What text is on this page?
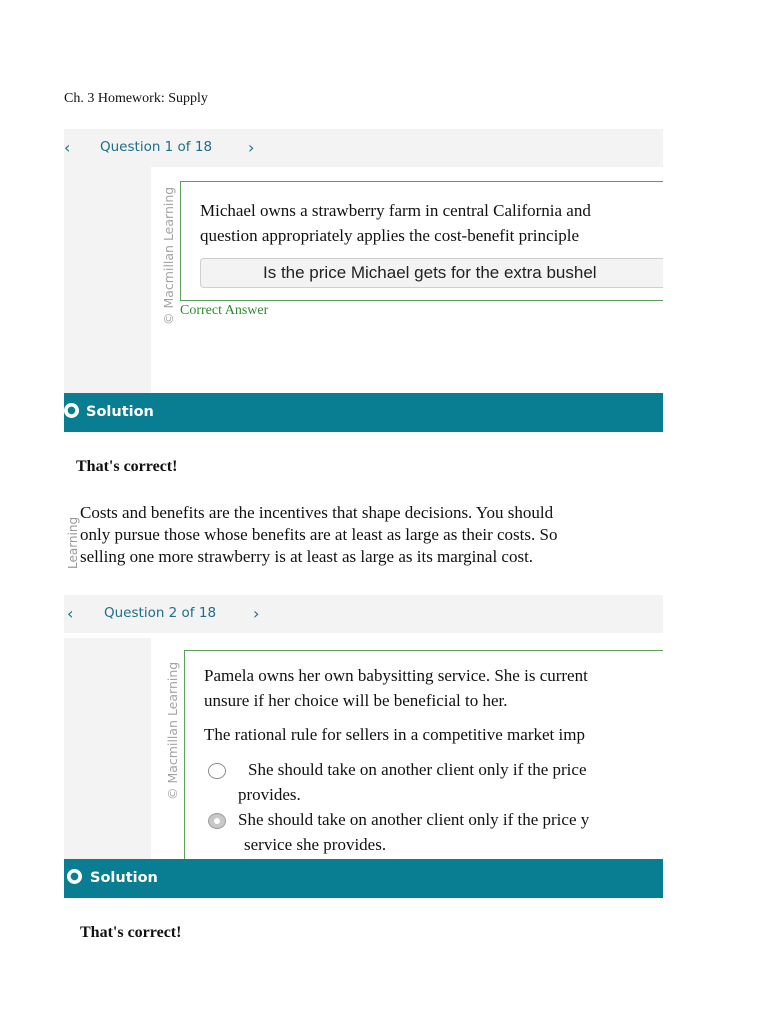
Ch. 3 Homework: Supply
‹ Question 1 of 18 ›
© Macmillan Learning Michael owns a strawberry farm in central California and
question appropriately applies the cost-benefit principle
Is the price Michael gets for the extra bushel
Correct Answer
● Solution
That's correct!
Learning
Costs and benefits are the incentives that shape decisions. You should
only pursue those whose benefits are at least as large as their costs. So
selling one more strawberry is at least as large as its marginal cost.
‹ Question 2 of 18 ›
© Macmillan Learning Pamela owns her own babysitting service. She is current
unsure if her choice will be beneficial to her.
The rational rule for sellers in a competitive market imp
She should take on another client only if the price
provides.
She should take on another client only if the price y
service she provides.
● Solution
That's correct!
